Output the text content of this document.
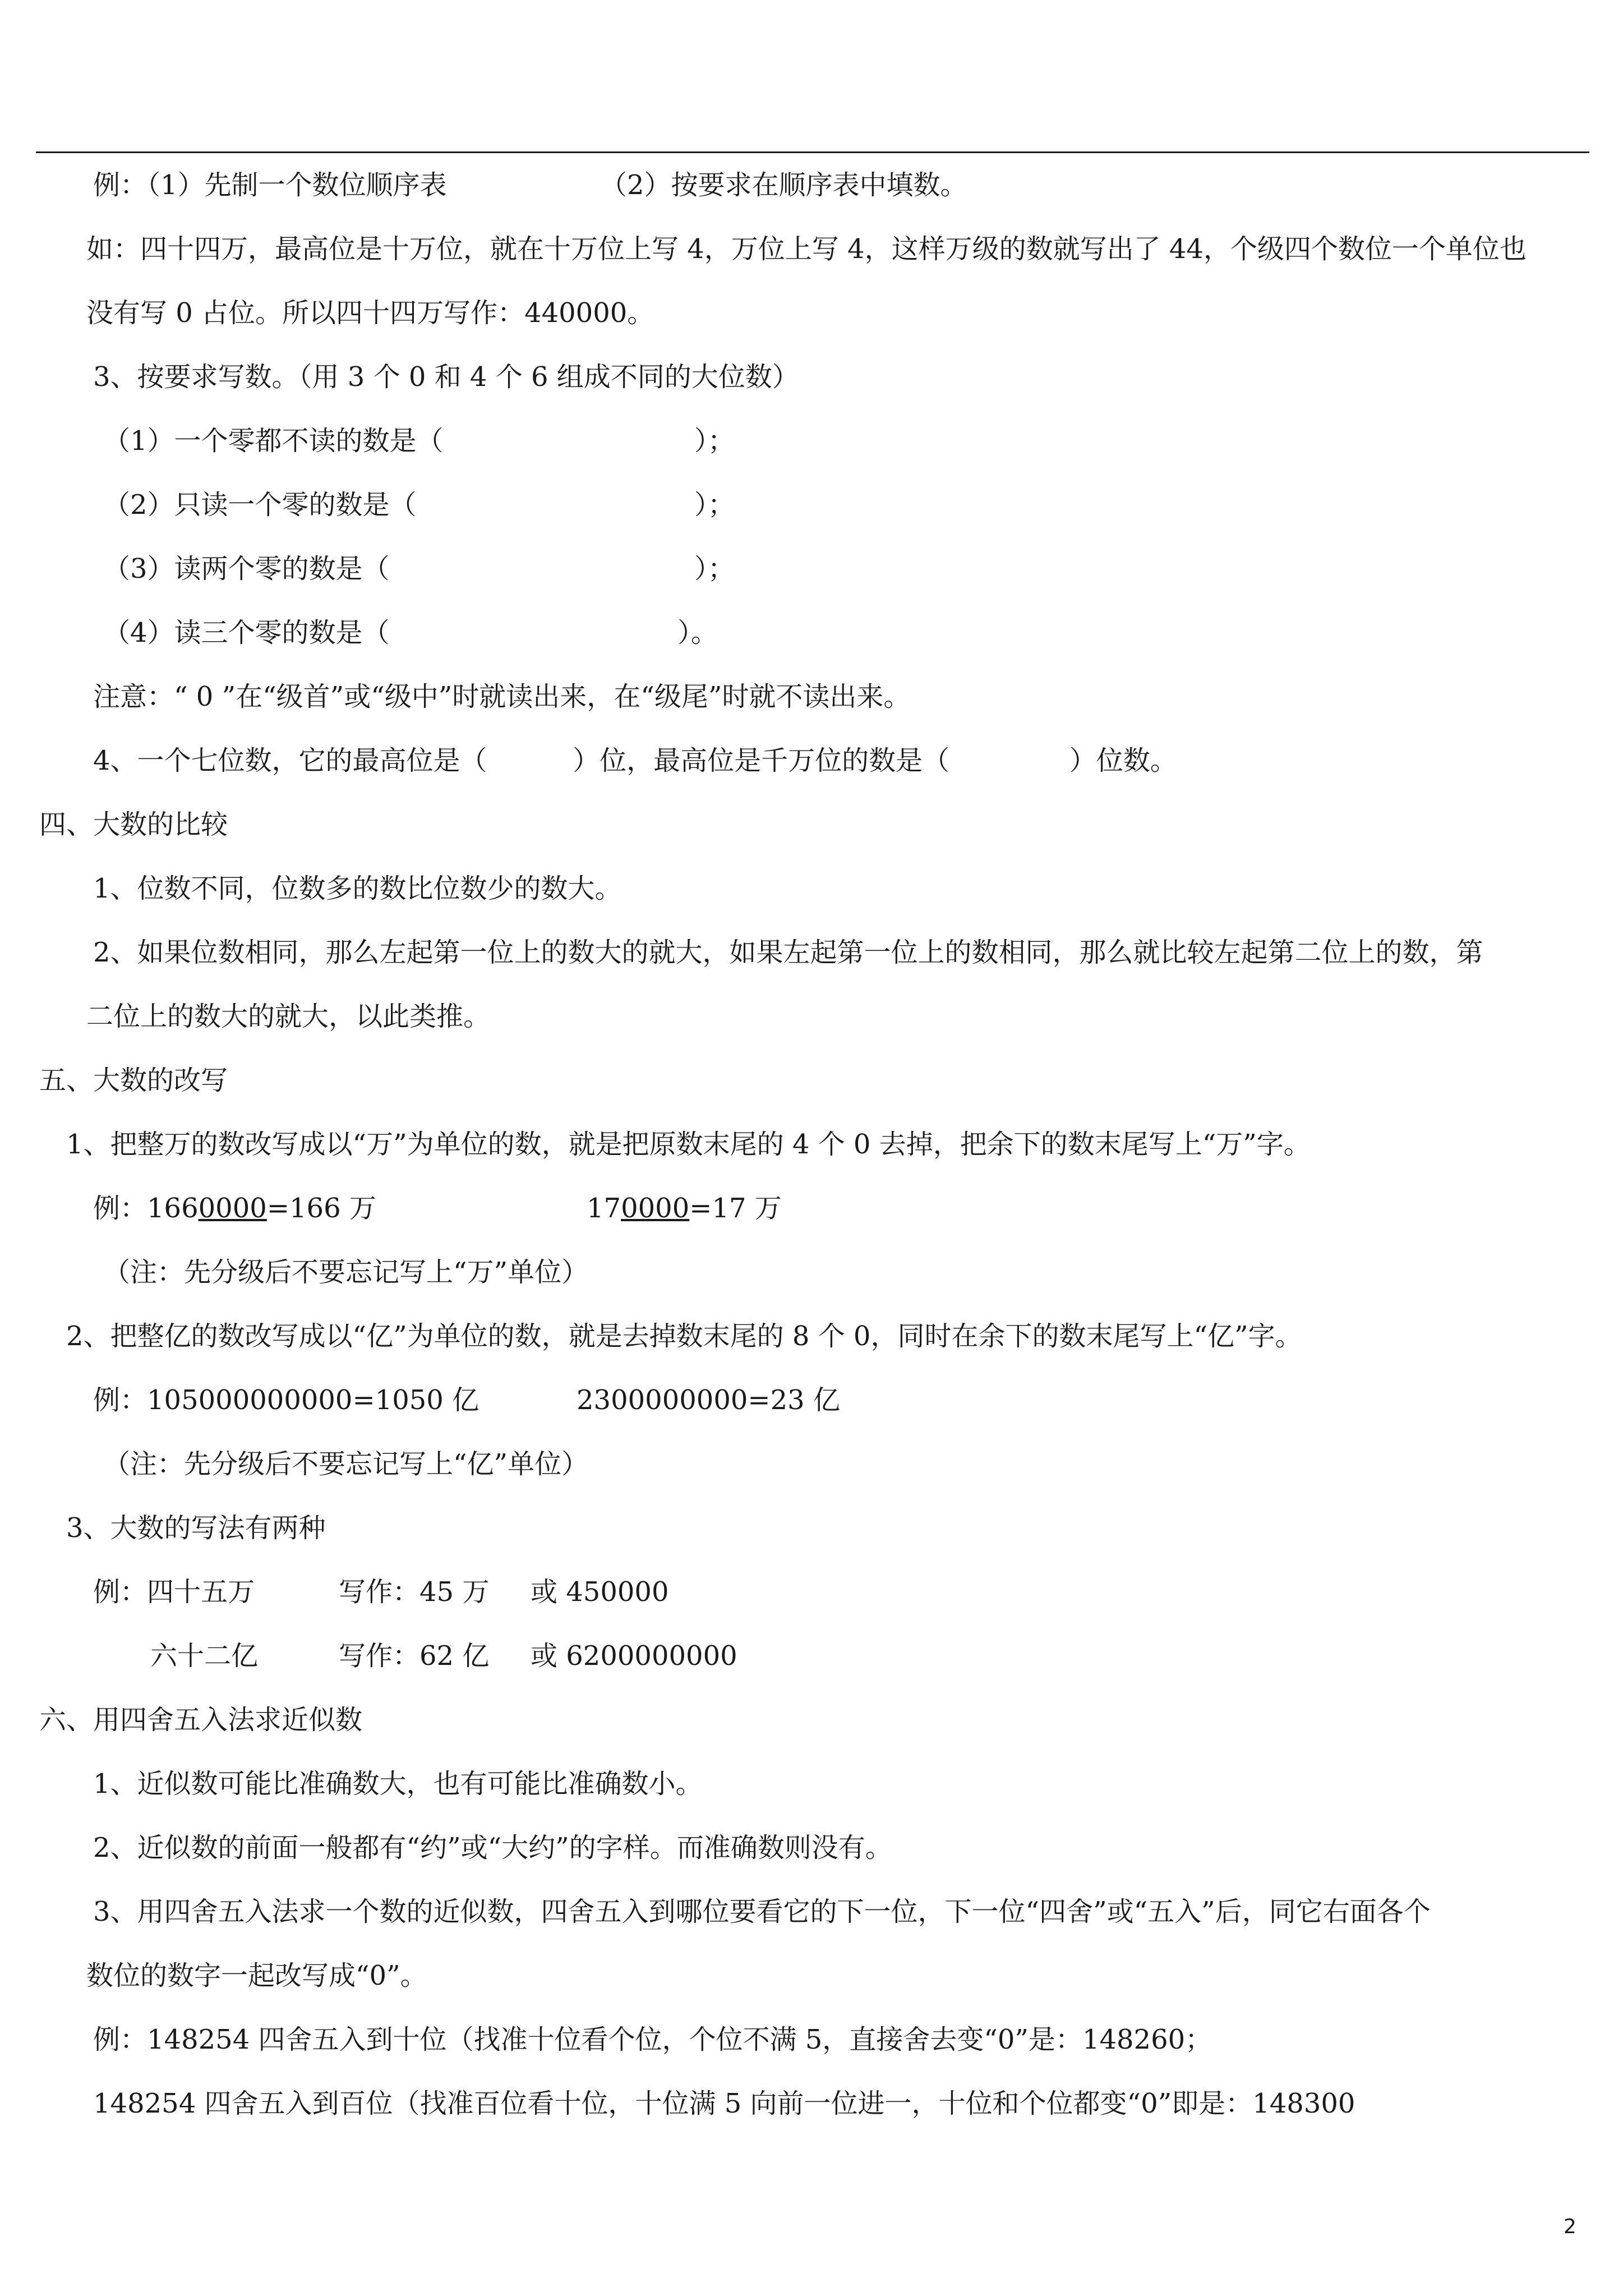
例：（1）先制一个数位顺序表	（2）按要求在顺序表中填数。
如：四十四万，最高位是十万位，就在十万位上写 4，万位上写 4，这样万级的数就写出了 44，个级四个数位一个单位也
没有写 0 占位。所以四十四万写作：440000。
3、按要求写数。（用 3 个 0 和 4 个 6 组成不同的大位数）
（1）一个零都不读的数是（	）；
（2）只读一个零的数是（	）；
（3）读两个零的数是（	）；
（4）读三个零的数是（	）。
注意：“ 0 ”在“级首”或“级中”时就读出来，在“级尾”时就不读出来。
4、一个七位数，它的最高位是（          ）位，最高位是千万位的数是（              ）位数。
四、大数的比较
1、位数不同，位数多的数比位数少的数大。
2、如果位数相同，那么左起第一位上的数大的就大，如果左起第一位上的数相同，那么就比较左起第二位上的数，第
二位上的数大的就大，以此类推。
五、大数的改写
1、把整万的数改写成以“万”为单位的数，就是把原数末尾的 4 个 0 去掉，把余下的数末尾写上“万”字。
例：1660000=166 万	170000=17 万
（注：先分级后不要忘记写上“万”单位）
2、把整亿的数改写成以“亿”为单位的数，就是去掉数末尾的 8 个 0，同时在余下的数末尾写上“亿”字。
例：105000000000=1050 亿	2300000000=23 亿
（注：先分级后不要忘记写上“亿”单位）
3、大数的写法有两种
例：四十五万	写作：45 万 或 450000
六十二亿	写作：62 亿 或 6200000000
六、用四舍五入法求近似数
1、近似数可能比准确数大，也有可能比准确数小。
2、近似数的前面一般都有“约”或“大约”的字样。而准确数则没有。
3、用四舍五入法求一个数的近似数，四舍五入到哪位要看它的下一位，下一位“四舍”或“五入”后，同它右面各个
数位的数字一起改写成“0”。
例：148254 四舍五入到十位（找准十位看个位，个位不满 5，直接舍去变“0”是：148260；
148254 四舍五入到百位（找准百位看十位，十位满 5 向前一位进一，十位和个位都变“0”即是：148300
2
